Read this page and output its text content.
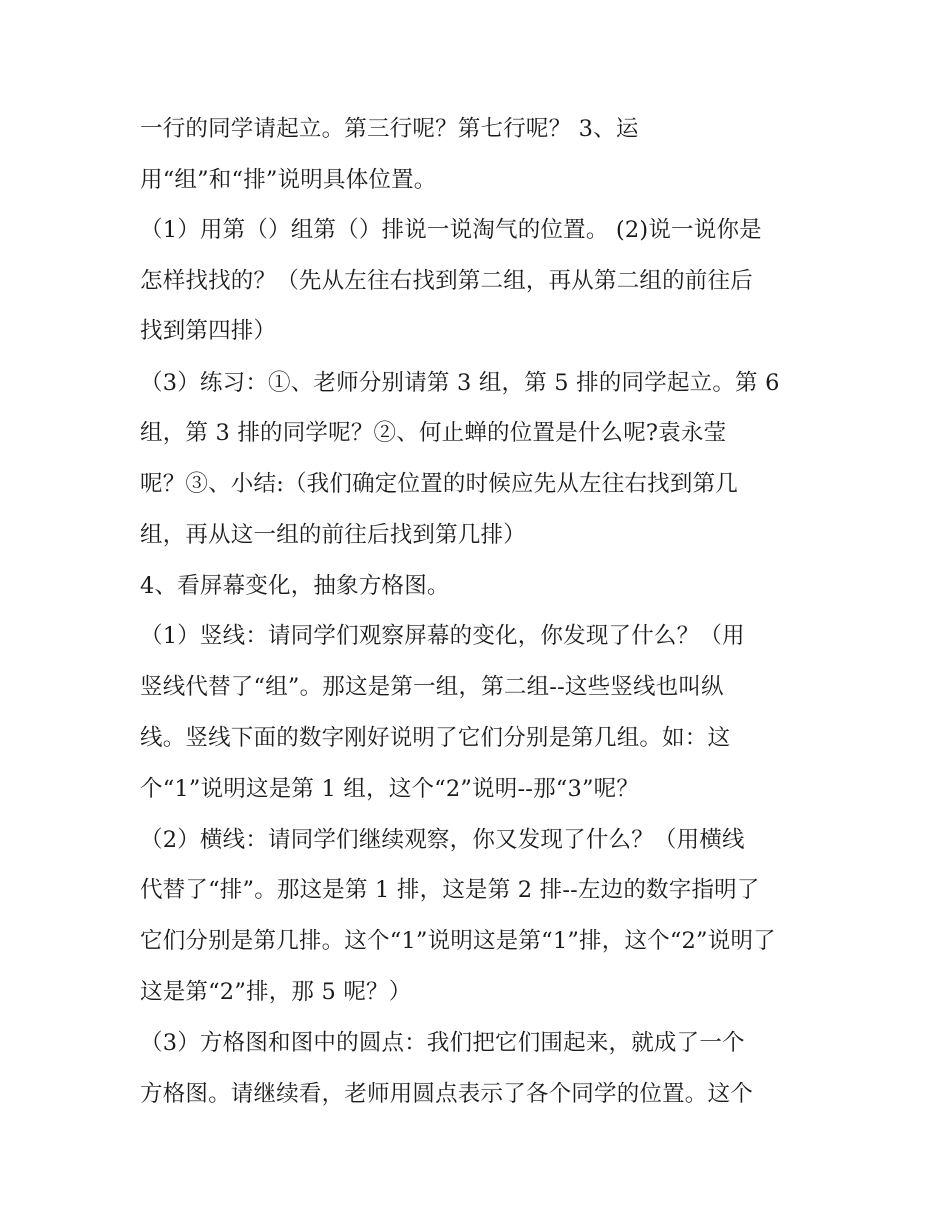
一行的同学请起立。第三行呢？第七行呢？ 3、运
用“组”和“排”说明具体位置。
（1）用第（）组第（）排说一说淘气的位置。 (2)说一说你是
怎样找找的？（先从左往右找到第二组，再从第二组的前往后
找到第四排）
（3）练习：①、老师分别请第 3 组，第 5 排的同学起立。第 6
组，第 3 排的同学呢？②、何止蝉的位置是什么呢?袁永莹
呢？③、小结:（我们确定位置的时候应先从左往右找到第几
组，再从这一组的前往后找到第几排）
4、看屏幕变化，抽象方格图。
（1）竖线：请同学们观察屏幕的变化，你发现了什么？（用
竖线代替了“组”。那这是第一组，第二组--这些竖线也叫纵
线。竖线下面的数字刚好说明了它们分别是第几组。如：这
个“1”说明这是第 1 组，这个“2”说明--那“3”呢？
（2）横线：请同学们继续观察，你又发现了什么？（用横线
代替了“排”。那这是第 1 排，这是第 2 排--左边的数字指明了
它们分别是第几排。这个“1”说明这是第“1”排，这个“2”说明了
这是第“2”排，那 5 呢？）
（3）方格图和图中的圆点：我们把它们围起来，就成了一个
方格图。请继续看，老师用圆点表示了各个同学的位置。这个
